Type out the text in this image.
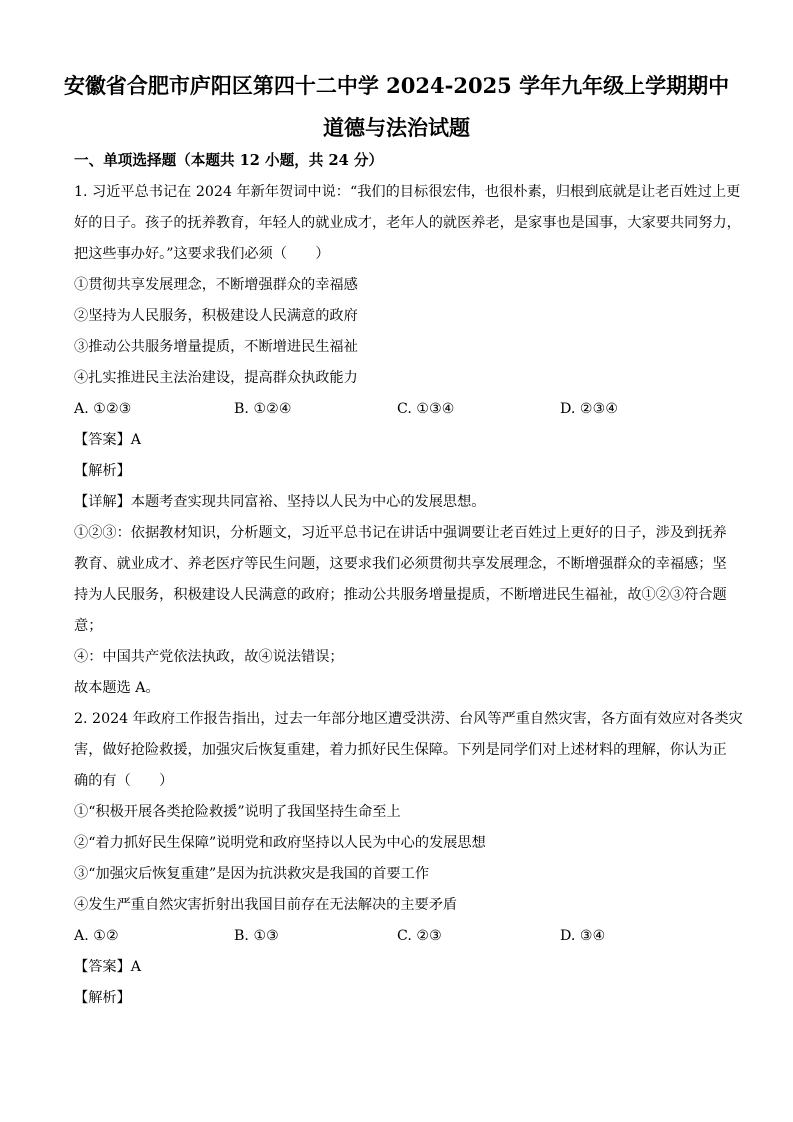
安徽省合肥市庐阳区第四十二中学 2024-2025 学年九年级上学期期中
道德与法治试题
一、单项选择题（本题共 12 小题，共 24 分）
1. 习近平总书记在 2024 年新年贺词中说：“我们的目标很宏伟，也很朴素，归根到底就是让老百姓过上更
好的日子。孩子的抚养教育，年轻人的就业成才，老年人的就医养老，是家事也是国事，大家要共同努力，
把这些事办好。”这要求我们必须（　　）
①贯彻共享发展理念，不断增强群众的幸福感
②坚持为人民服务，积极建设人民满意的政府
③推动公共服务增量提质，不断增进民生福祉
④扎实推进民主法治建设，提高群众执政能力
A. ①②③	B. ①②④	C. ①③④	D. ②③④
【答案】A
【解析】
【详解】本题考查实现共同富裕、坚持以人民为中心的发展思想。
①②③：依据教材知识，分析题文，习近平总书记在讲话中强调要让老百姓过上更好的日子，涉及到抚养
教育、就业成才、养老医疗等民生问题，这要求我们必须贯彻共享发展理念，不断增强群众的幸福感；坚
持为人民服务，积极建设人民满意的政府；推动公共服务增量提质，不断增进民生福祉，故①②③符合题
意；
④：中国共产党依法执政，故④说法错误；
故本题选 A。
2. 2024 年政府工作报告指出，过去一年部分地区遭受洪涝、台风等严重自然灾害，各方面有效应对各类灾
害，做好抢险救援，加强灾后恢复重建，着力抓好民生保障。下列是同学们对上述材料的理解，你认为正
确的有（　　）
①“积极开展各类抢险救援”说明了我国坚持生命至上
②“着力抓好民生保障”说明党和政府坚持以人民为中心的发展思想
③“加强灾后恢复重建”是因为抗洪救灾是我国的首要工作
④发生严重自然灾害折射出我国目前存在无法解决的主要矛盾
A. ①②	B. ①③	C. ②③	D. ③④
【答案】A
【解析】
